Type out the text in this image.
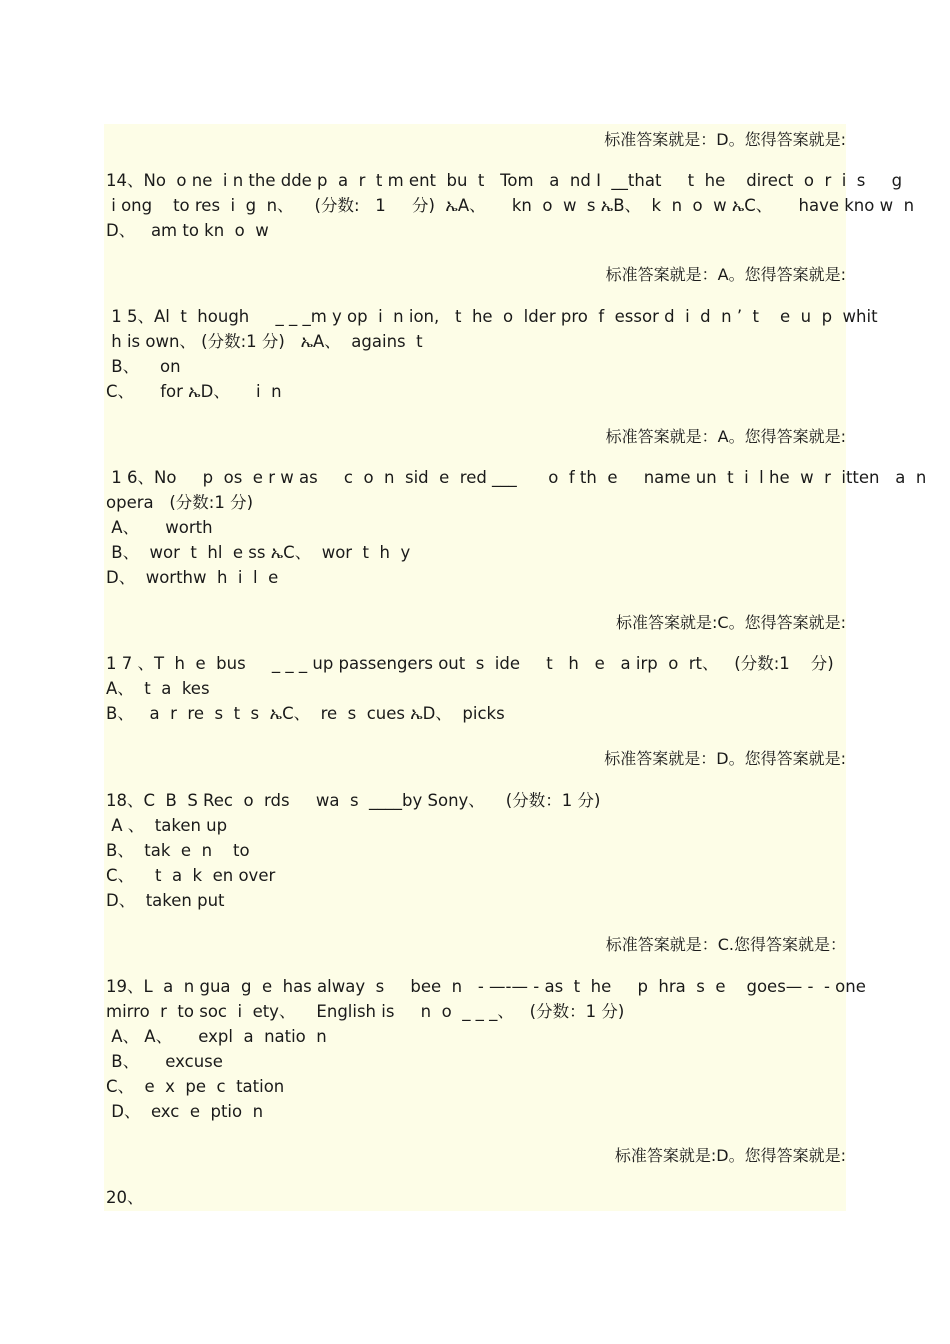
标准答案就是：D。您得答案就是:
14、No  o ne  i n the dde p  a  r  t m ent  bu  t   Tom   a  nd I  __that     t  he    direct  o  r  i  s     g
i ong    to res  i  g  n、    (分数:   1     分)  ኤA、     kn  o  w  s ኤB、  k  n  o  w ኤC、     have kno w  n
D、   am to kn  o  w
标准答案就是：A。您得答案就是:
1 5、Al  t  hough     _ _ _m y op  i  n ion,   t  he  o  lder pro  f  essor d  i  d  n ’  t    e  u  p  whit
h is own、 (分数:1 分)   ኤA、  agains  t
B、    on
C、     for ኤD、     i  n
标准答案就是：A。您得答案就是:
1 6、No     p  os  e r w as     c  o  n  sid  e  red ___      o  f th  e     name un  t  i  l he  w  r  itten   a  n
opera   (分数:1 分)
A、     worth
B、  wor  t  hl  e ss ኤC、  wor  t  h  y
D、  worthw  h  i  l  e
标准答案就是:C。您得答案就是:
1 7 、T  h  e  bus     _ _ _ up passengers out  s  ide     t   h   e   a irp  o  rt、   (分数:1    分)
A、  t  a  kes
B、   a  r  re  s  t  s  ኤC、  re  s  cues ኤD、  picks
标准答案就是：D。您得答案就是:
18、C  B  S Rec  o  rds     wa  s  ____by Sony、    (分数：1 分)
A 、  taken up
B、  tak  e  n    to
C、    t  a  k  en over
D、  taken put
标准答案就是：C.您得答案就是：
19、L  a  n gua  g  e  has alway  s     bee  n   - —-— - as  t  he     p  hra  s  e    goes— -  - one
mirro  r  to soc  i  ety、    English is     n  o  _ _ _、   (分数：1 分)
A、 A、     expl  a  natio  n
B、     excuse
C、  e  x  pe  c  tation
D、  exc  e  ptio  n
标准答案就是:D。您得答案就是:
20、
